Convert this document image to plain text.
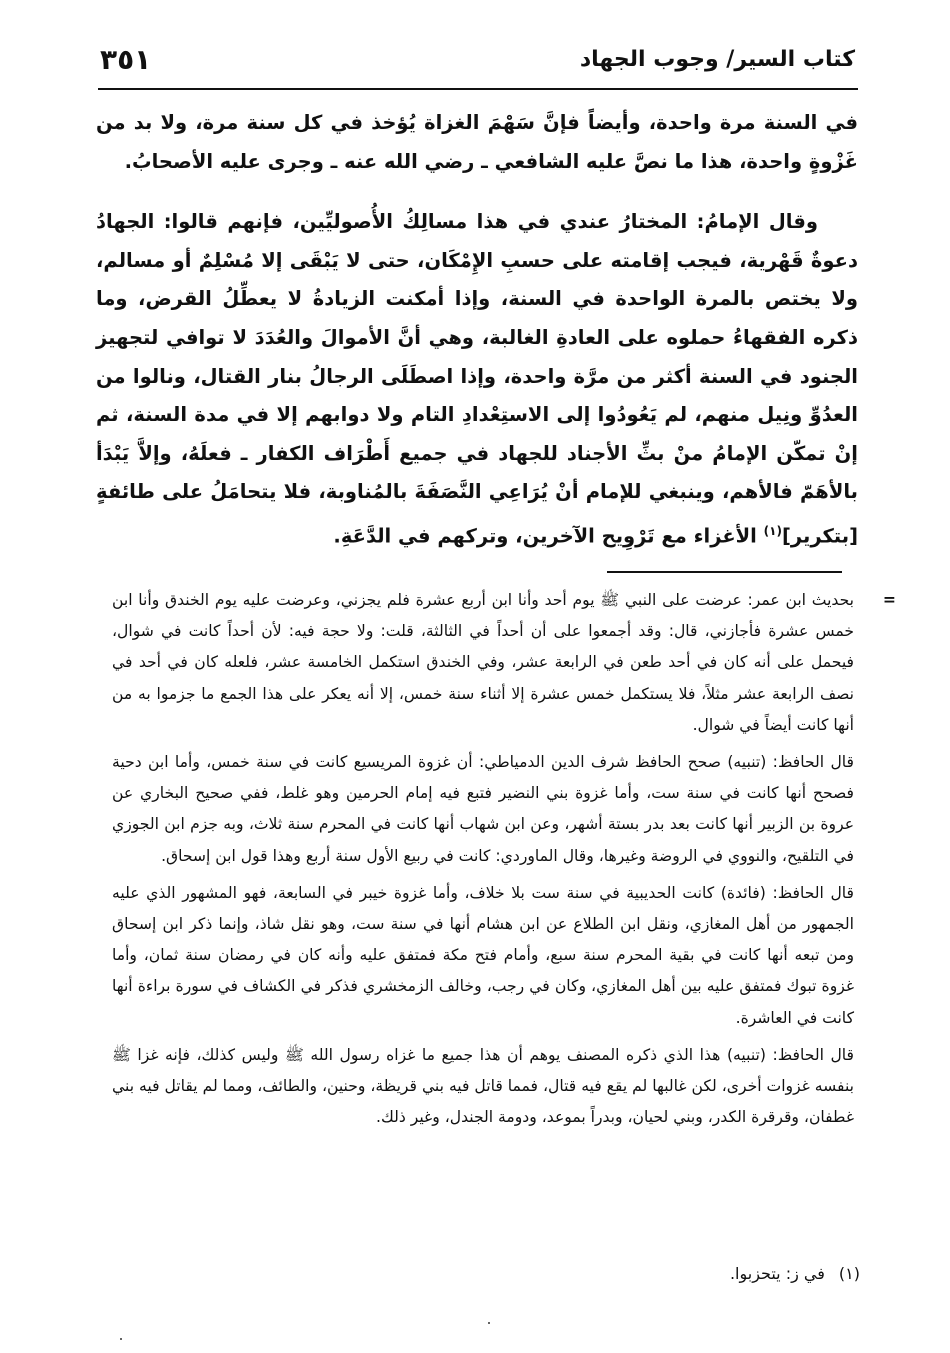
٣٥١	كتاب السير/ وجوب الجهاد

في السنة مرة واحدة، وأيضاً فإنَّ سَهْمَ الغزاة يُؤخذ في كل سنة مرة، ولا بد من غَزْوةٍ واحدة، هذا ما نصَّ عليه الشافعي ـ رضي الله عنه ـ وجرى عليه الأصحابُ.

وقال الإمامُ: المختارُ عندي في هذا مسالِكُ الأُصوليِّين، فإنهم قالوا: الجهادُ دعوةٌ قَهْرية، فيجب إقامته على حسبِ الإِمْكَان، حتى لا يَبْقَى إلا مُسْلِمٌ أو مسالم، ولا يختص بالمرة الواحدة في السنة، وإذا أمكنت الزيادةُ لا يعطِّلُ القرض، وما ذكره الفقهاءُ حملوه على العادةِ الغالبة، وهي أنَّ الأموالَ والعُدَدَ لا توافي لتجهيز الجنود في السنة أكثر من مرَّة واحدة، وإذا اصطَلَى الرجالُ بنار القتال، ونالوا من العدُوِّ ونِيل منهم، لم يَعُودُوا إلى الاستِعْدادِ التام ولا دوابهم إلا في مدة السنة، ثم إنْ تمكّن الإمامُ منْ بثِّ الأجناد للجهاد في جميع أَطْرَاف الكفار ـ فعلَهُ، وإلاَّ يَبْدَأ بالأهَمّ فالأهم، وينبغي للإمام أنْ يُرَاعِي النَّصَفَةَ بالمُناوبة، فلا يتحامَلُ على طائفةٍ [بتكرير]$^{(١)}$ الأغزاء مع تَرْوِيح الآخرين، وتركهم في الدَّعَةِ.

=
بحديث ابن عمر: عرضت على النبي ﷺ يوم أحد وأنا ابن أربع عشرة فلم يجزني، وعرضت عليه يوم الخندق وأنا ابن خمس عشرة فأجازني، قال: وقد أجمعوا على أن أحداً في الثالثة، قلت: ولا حجة فيه: لأن أحداً كانت في شوال، فيحمل على أنه كان في أحد طعن في الرابعة عشر، وفي الخندق استكمل الخامسة عشر، فلعله كان في أحد في نصف الرابعة عشر مثلاً، فلا يستكمل خمس عشرة إلا أثناء سنة خمس، إلا أنه يعكر على هذا الجمع ما جزموا به من أنها كانت أيضاً في شوال.

قال الحافظ: (تنبيه) صحح الحافظ شرف الدين الدمياطي: أن غزوة المريسيع كانت في سنة خمس، وأما ابن دحية فصحح أنها كانت في سنة ست، وأما غزوة بني النضير فتبع فيه إمام الحرمين وهو غلط، ففي صحيح البخاري عن عروة بن الزبير أنها كانت بعد بدر بستة أشهر، وعن ابن شهاب أنها كانت في المحرم سنة ثلاث، وبه جزم ابن الجوزي في التلقيح، والنووي في الروضة وغيرها، وقال الماوردي: كانت في ربيع الأول سنة أربع وهذا قول ابن إسحاق.

قال الحافظ: (فائدة) كانت الحديبية في سنة ست بلا خلاف، وأما غزوة خيبر في السابعة، فهو المشهور الذي عليه الجمهور من أهل المغازي، ونقل ابن الطلاع عن ابن هشام أنها في سنة ست، وهو نقل شاذ، وإنما ذكر ابن إسحاق ومن تبعه أنها كانت في بقية المحرم سنة سبع، وأمام فتح مكة فمتفق عليه وأنه كان في رمضان سنة ثمان، وأما غزوة تبوك فمتفق عليه بين أهل المغازي، وكان في رجب، وخالف الزمخشري فذكر في الكشاف في سورة براءة أنها كانت في العاشرة.

قال الحافظ: (تنبيه) هذا الذي ذكره المصنف يوهم أن هذا جميع ما غزاه رسول الله ﷺ وليس كذلك، فإنه غزا ﷺ بنفسه غزوات أخرى، لكن غالبها لم يقع فيه قتال، فمما قاتل فيه بني قريظة، وحنين، والطائف، ومما لم يقاتل فيه بني غطفان، وقرقرة الكدر، وبني لحيان، وبدراً بموعد، ودومة الجندل، وغير ذلك.

(١)في ز: يتحزبوا.
